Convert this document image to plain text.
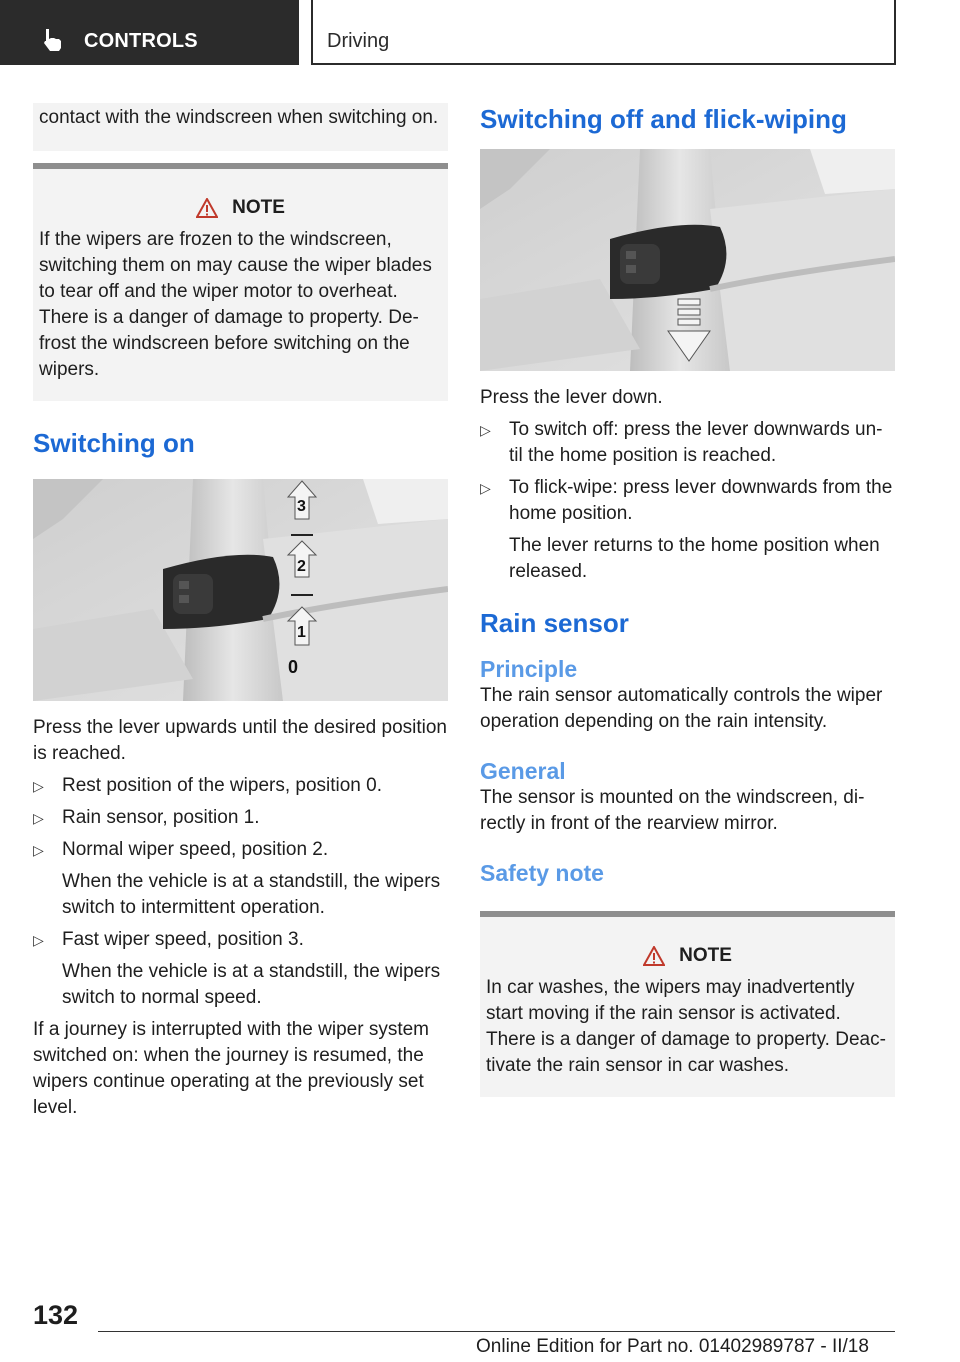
CONTROLS	Driving
contact with the windscreen when switching on.
NOTE

If the wipers are frozen to the windscreen, switching them on may cause the wiper blades to tear off and the wiper motor to overheat. There is a danger of damage to property. De-frost the windscreen before switching on the wipers.

Switching on
3
2
1
0

Press the lever upwards until the desired position is reached.

▷ Rest position of the wipers, position 0.
▷ Rain sensor, position 1.
▷ Normal wiper speed, position 2.
When the vehicle is at a standstill, the wipers switch to intermittent operation.
▷ Fast wiper speed, position 3.
When the vehicle is at a standstill, the wipers switch to normal speed.

If a journey is interrupted with the wiper system switched on: when the journey is resumed, the wipers continue operating at the previously set level.

Switching off and flick-wiping

Press the lever down.

▷ To switch off: press the lever downwards un-til the home position is reached.
▷ To flick-wipe: press lever downwards from the home position.
The lever returns to the home position when released.
Rain sensor
Principle

The rain sensor automatically controls the wiper operation depending on the rain intensity.

General

The sensor is mounted on the windscreen, di-rectly in front of the rearview mirror.

Safety note
NOTE

In car washes, the wipers may inadvertently start moving if the rain sensor is activated. There is a danger of damage to property. Deac-tivate the rain sensor in car washes.

132
Online Edition for Part no. 01402989787 - II/18
